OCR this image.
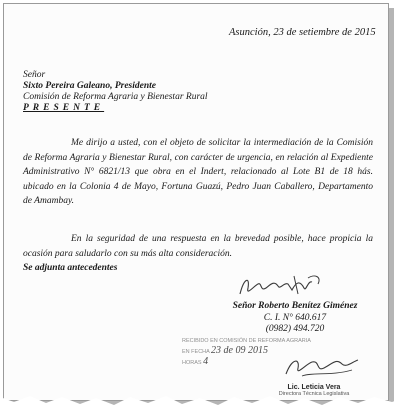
Asunción, 23 de setiembre de 2015
Señor
Sixto Pereira Galeano, Presidente
Comisión de Reforma Agraria y Bienestar Rural
PRESENTE

Me dirijo a usted, con el objeto de solicitar la intermediación de la Comisión de Reforma Agraria y Bienestar Rural, con carácter de urgencia, en relación al Expediente Administrativo N° 6821/13 que obra en el Indert, relacionado al Lote B1 de 18 hás. ubicado en la Colonia 4 de Mayo, Fortuna Guazú, Pedro Juan Caballero, Departamento de Amambay.

En la seguridad de una respuesta en la brevedad posible, hace propicia la ocasión para saludarlo con su más alta consideración.

Se adjunta antecedentes
Señor Roberto Benítez Giménez
C. I. N° 640.617
(0982) 494.720
RECIBIDO EN COMISIÓN DE REFORMA AGRARIA
EN FECHA 23 de 09 2015
HORAS 4
Lic. Leticia Vera
Directora Técnica Legislativa
